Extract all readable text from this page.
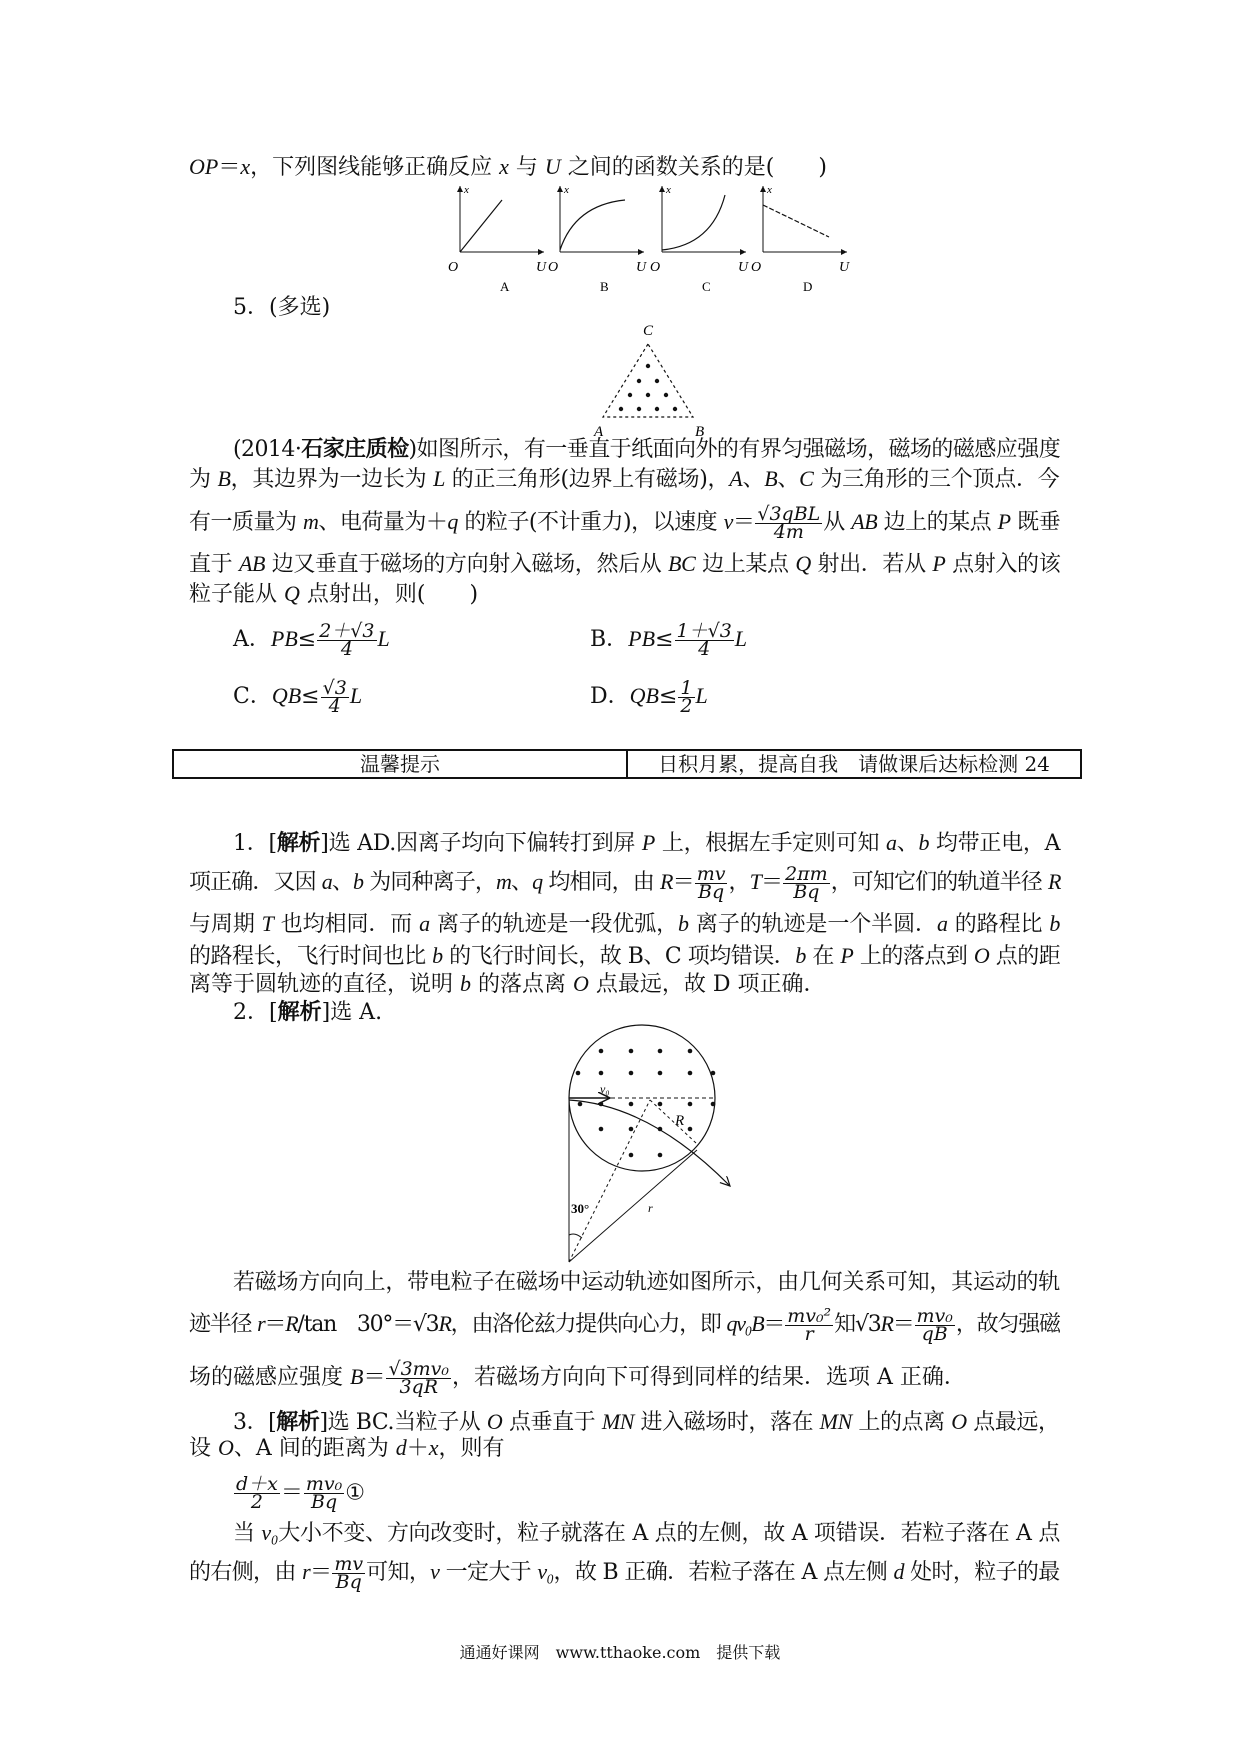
OP＝x，下列图线能够正确反应 x 与 U 之间的函数关系的是(　　)
x
O	U
A
x
O	U
B
x
O	U
C
x
O	U
D
5．(多选)
C
A	B
(2014·石家庄质检)如图所示，有一垂直于纸面向外的有界匀强磁场，磁场的磁感应强度
为 B，其边界为一边长为 L 的正三角形(边界上有磁场)，A、B、C 为三角形的三个顶点．今
有一质量为 m、电荷量为＋q 的粒子(不计重力)，以速度 $v= \frac{\text{√3qBL}}{4m}$ 从 AB 边上的某点 P 既垂
直于 AB 边又垂直于磁场的方向射入磁场，然后从 BC 边上某点 Q 射出．若从 P 点射入的该
粒子能从 Q 点射出，则(　　)
1．[解析]选 AD.因离子均向下偏转打到屏 P 上，根据左手定则可知 a、b 均带正电，A
项正确．又因 a、b 为同种离子，m、q 均相同，由 $R= \frac{mv}{Bq}$ ，$T= \frac{2\pi m}{Bq}$ ，可知它们的轨道半径 R
与周期 T 也均相同．而 a 离子的轨迹是一段优弧，b 离子的轨迹是一个半圆．a 的路程比 b
的路程长，飞行时间也比 b 的飞行时间长，故 B、C 项均错误．b 在 P 上的落点到 O 点的距
离等于圆轨迹的直径，说明 b 的落点离 O 点最远，故 D 项正确．
2．[解析]选 A.
若磁场方向向上，带电粒子在磁场中运动轨迹如图所示，由几何关系可知，其运动的轨
迹半径 r＝R/tan　30°＝√3R，由洛伦兹力提供向心力，即 $qv_0B= \frac{\text{mv₀²}}{r}$ 知$√3R= \frac{\text{mv₀}}{qB}$ ，故匀强磁
场的磁感应强度 $B= \frac{\text{√3mv₀}}{3qR}$ ，若磁场方向向下可得到同样的结果．选项 A 正确．
3．[解析]选 BC.当粒子从 O 点垂直于 MN 进入磁场时，落在 MN 上的点离 O 点最远，
设 O、A 间的距离为 d＋x，则有
$\frac{d+x}{2} = \frac{\text{mv₀}}{Bq}$ ①
当 v₀大小不变、方向改变时，粒子就落在 A 点的左侧，故 A 项错误．若粒子落在 A 点
的右侧，由 $r= \frac{mv}{Bq}$ 可知，v 一定大于 v₀，故 B 正确．若粒子落在 A 点左侧 d 处时，粒子的最
A．$PB\le \frac{2+√3}{4}$ L	B．$PB\le \frac{1+√3}{4}$ L
C．$QB\le \frac{√3}{4}$ L	D．$QB\le \frac{1}{2}$ L
温馨提示	日积月累，提高自我　请做课后达标检测 24
v₀
R
30°	r
通通好课网　www.tthaoke.com　提供下载
